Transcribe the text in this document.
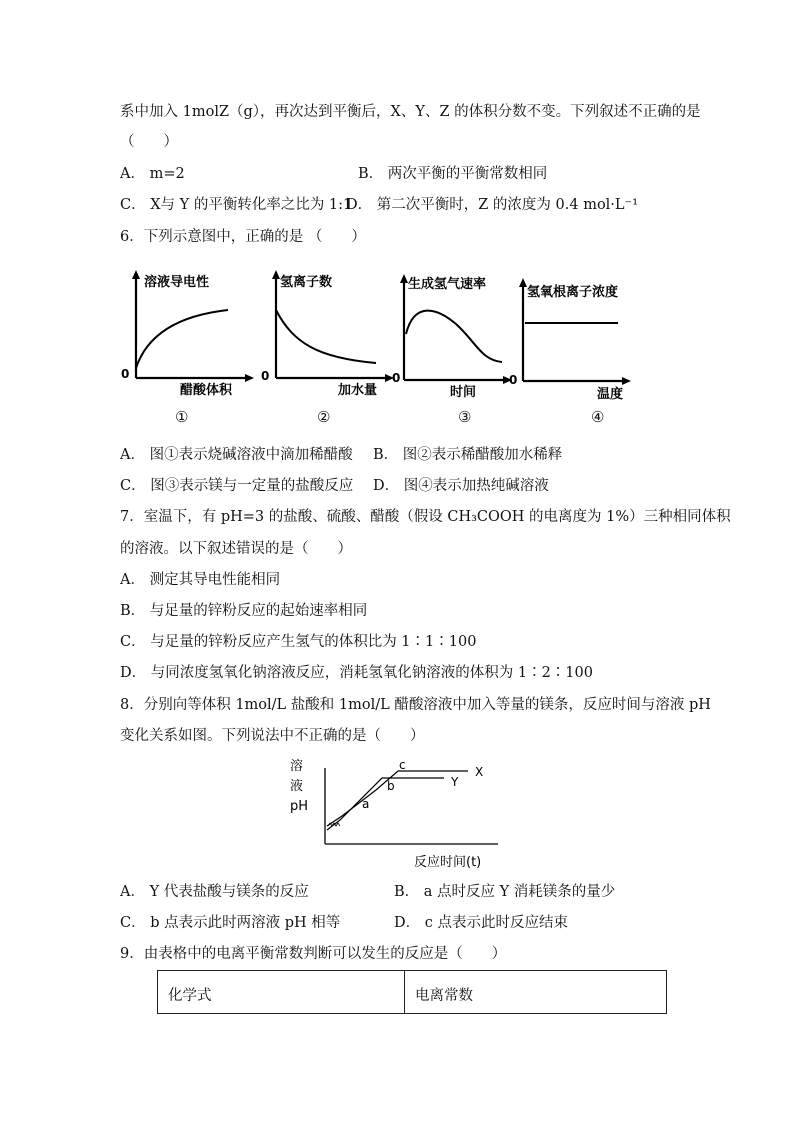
系中加入 1molZ（g），再次达到平衡后，X、Y、Z 的体积分数不变。下列叙述不正确的是
（　　）
A． m=2	B． 两次平衡的平衡常数相同
C． X与 Y 的平衡转化率之比为 1:1
D． 第二次平衡时，Z 的浓度为 0.4 mol·L⁻¹
6．下列示意图中，正确的是 （　　）
溶液导电性
0
醋酸体积
①
氢离子数
0
加水量
②
生成氢气速率
0
时间
③
氢氧根离子浓度
0
温度
④
A． 图①表示烧碱溶液中滴加稀醋酸 B． 图②表示稀醋酸加水稀释
C． 图③表示镁与一定量的盐酸反应 D． 图④表示加热纯碱溶液
7．室温下，有 pH=3 的盐酸、硫酸、醋酸（假设 CH₃COOH 的电离度为 1%）三种相同体积
的溶液。以下叙述错误的是（　　）
A． 测定其导电性能相同
B． 与足量的锌粉反应的起始速率相同
C． 与足量的锌粉反应产生氢气的体积比为 1∶1∶100
D． 与同浓度氢氧化钠溶液反应，消耗氢氧化钠溶液的体积为 1∶2∶100
8．分别向等体积 1mol/L 盐酸和 1mol/L 醋酸溶液中加入等量的镁条，反应时间与溶液 pH
变化关系如图。下列说法中不正确的是（　　）
溶
液
pH	a
b
c	X
Y
反应时间(t)
A． Y 代表盐酸与镁条的反应	B． a 点时反应 Y 消耗镁条的量少
C． b 点表示此时两溶液 pH 相等	D． c 点表示此时反应结束
9．由表格中的电离平衡常数判断可以发生的反应是（　　）
化学式	电离常数
